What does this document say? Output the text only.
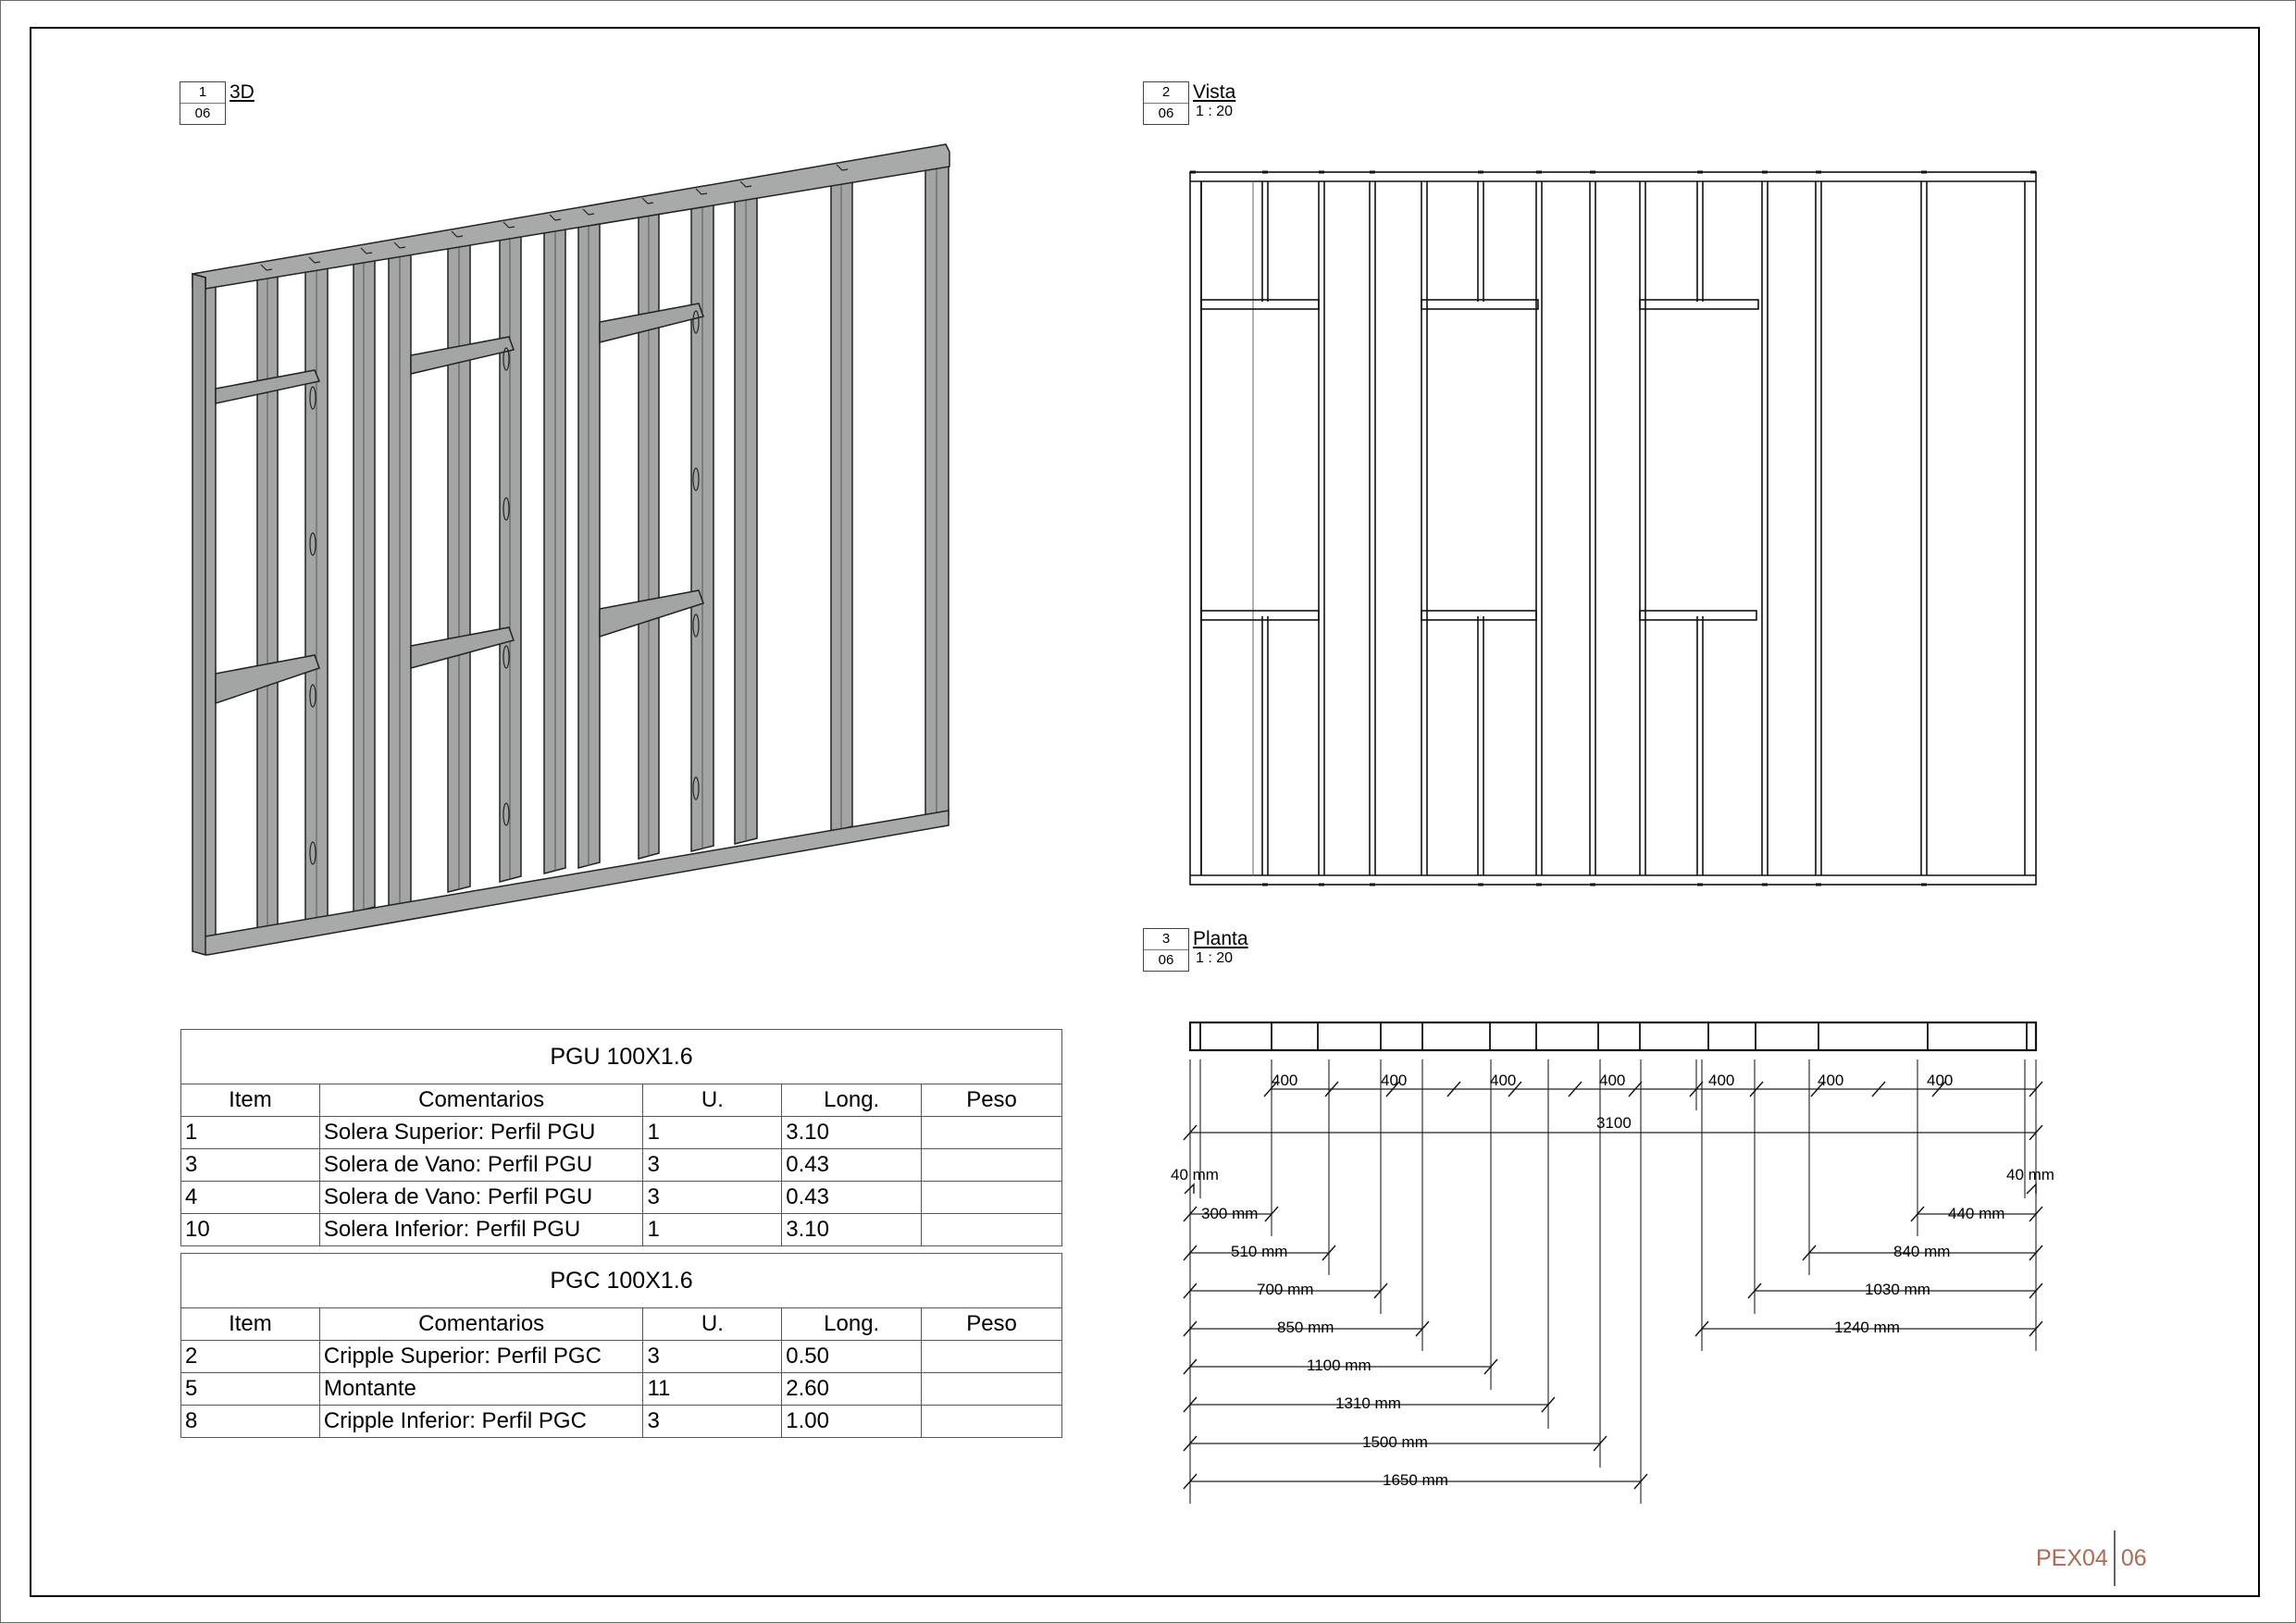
1
06
3D	2
06
Vista
1 : 20
3
06
Planta
1 : 20
400	400	400	400	400	400	400
3100
40 mm	40 mm
300 mm
510 mm
700 mm
850 mm
1100 mm
1310 mm
1500 mm
1650 mm
440 mm
840 mm
1030 mm
1240 mm
PGU 100X1.6				
Item	Comentarios	U.	Long.	Peso
1	Solera Superior: Perfil PGU	1	3.10	
3	Solera de Vano: Perfil PGU	3	0.43	
4	Solera de Vano: Perfil PGU	3	0.43	
10	Solera Inferior: Perfil PGU	1	3.10	
PGC 100X1.6				
Item	Comentarios	U.	Long.	Peso
2	Cripple Superior: Perfil PGC	3	0.50	
5	Montante	11	2.60	
8	Cripple Inferior: Perfil PGC	3	1.00	
PEX04 06
